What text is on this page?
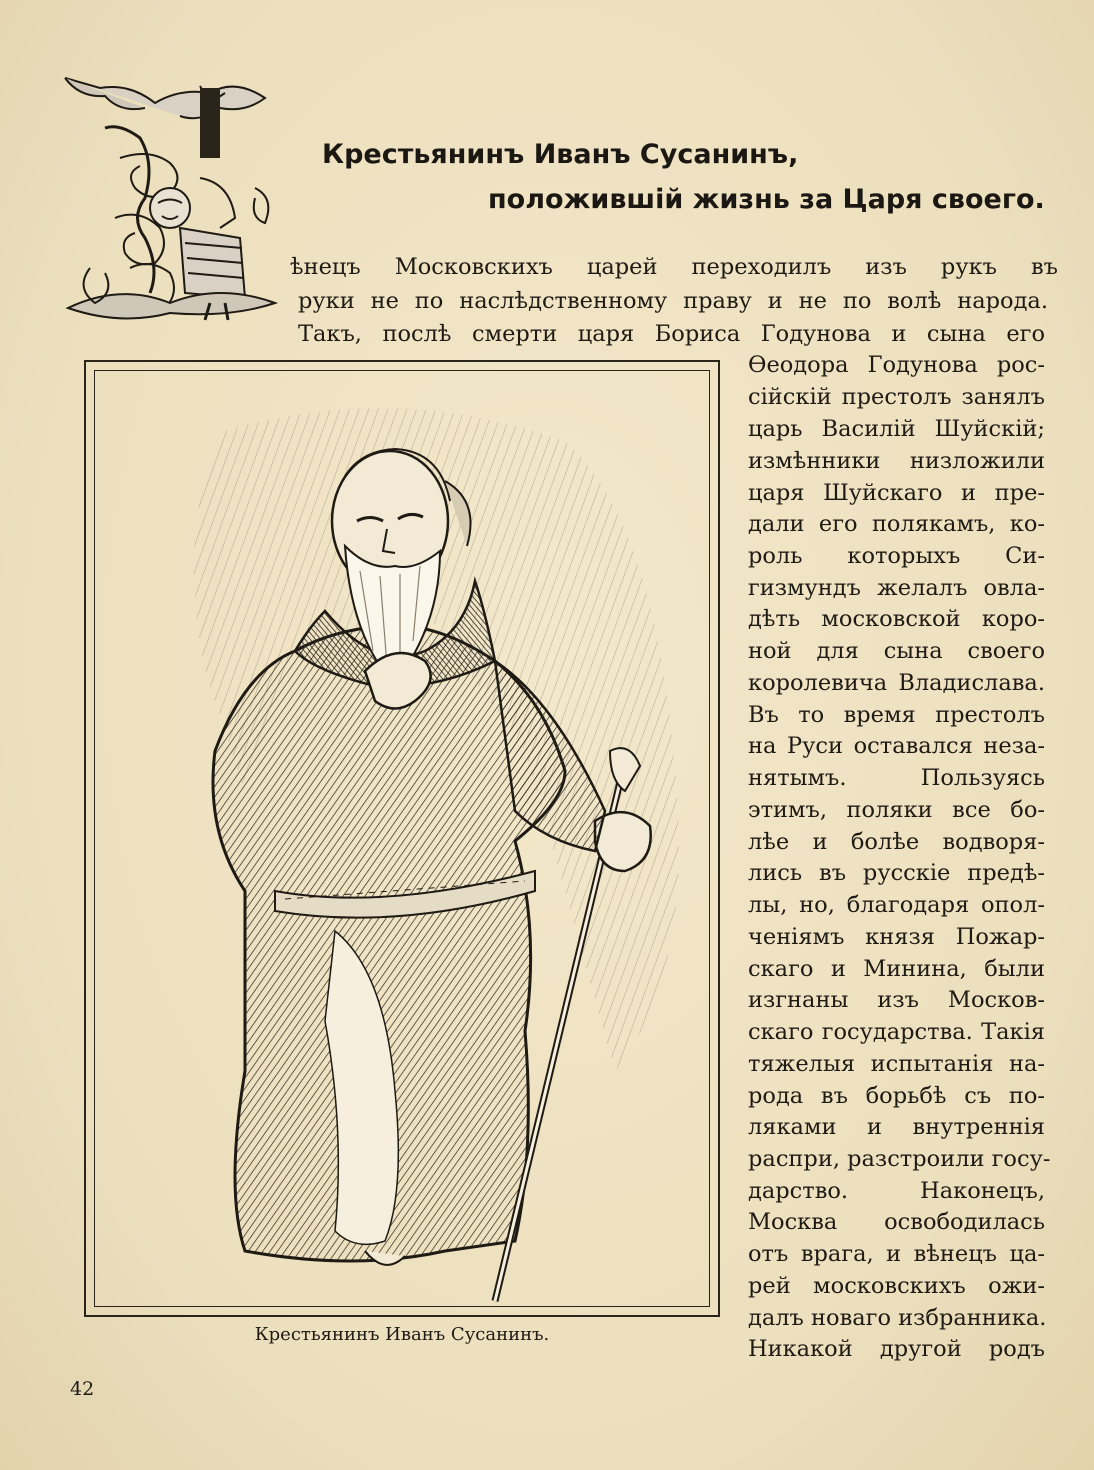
Крестьянинъ Иванъ Сусанинъ,
положившій жизнь за Царя своего.
ѣнецъ Московскихъ царей переходилъ изъ рукъ въ
руки не по наслѣдственному праву и не по волѣ народа.
Такъ, послѣ смерти царя Бориса Годунова и сына его
Ѳеодора Годунова рос-
сійскій престолъ занялъ
царь Василій Шуйскій;
измѣнники низложили
царя Шуйскаго и пре-
дали его полякамъ, ко-
роль которыхъ Си-
гизмундъ желалъ овла-
дѣть московской коро-
ной для сына своего
королевича Владислава.
Въ то время престолъ
на Руси оставался неза-
нятымъ. Пользуясь
этимъ, поляки все бо-
лѣе и болѣе водворя-
лись въ русскіе предѣ-
лы, но, благодаря опол-
ченіямъ князя Пожар-
скаго и Минина, были
изгнаны изъ Москов-
скаго государства. Такія
тяжелыя испытанія на-
рода въ борьбѣ съ по-
ляками и внутреннія
распри, разстроили госу-
дарство. Наконецъ,
Москва освободилась
отъ врага, и вѣнецъ ца-
рей московскихъ ожи-
далъ новаго избранника.
Никакой другой родъ
Крестьянинъ Иванъ Сусанинъ.
42
